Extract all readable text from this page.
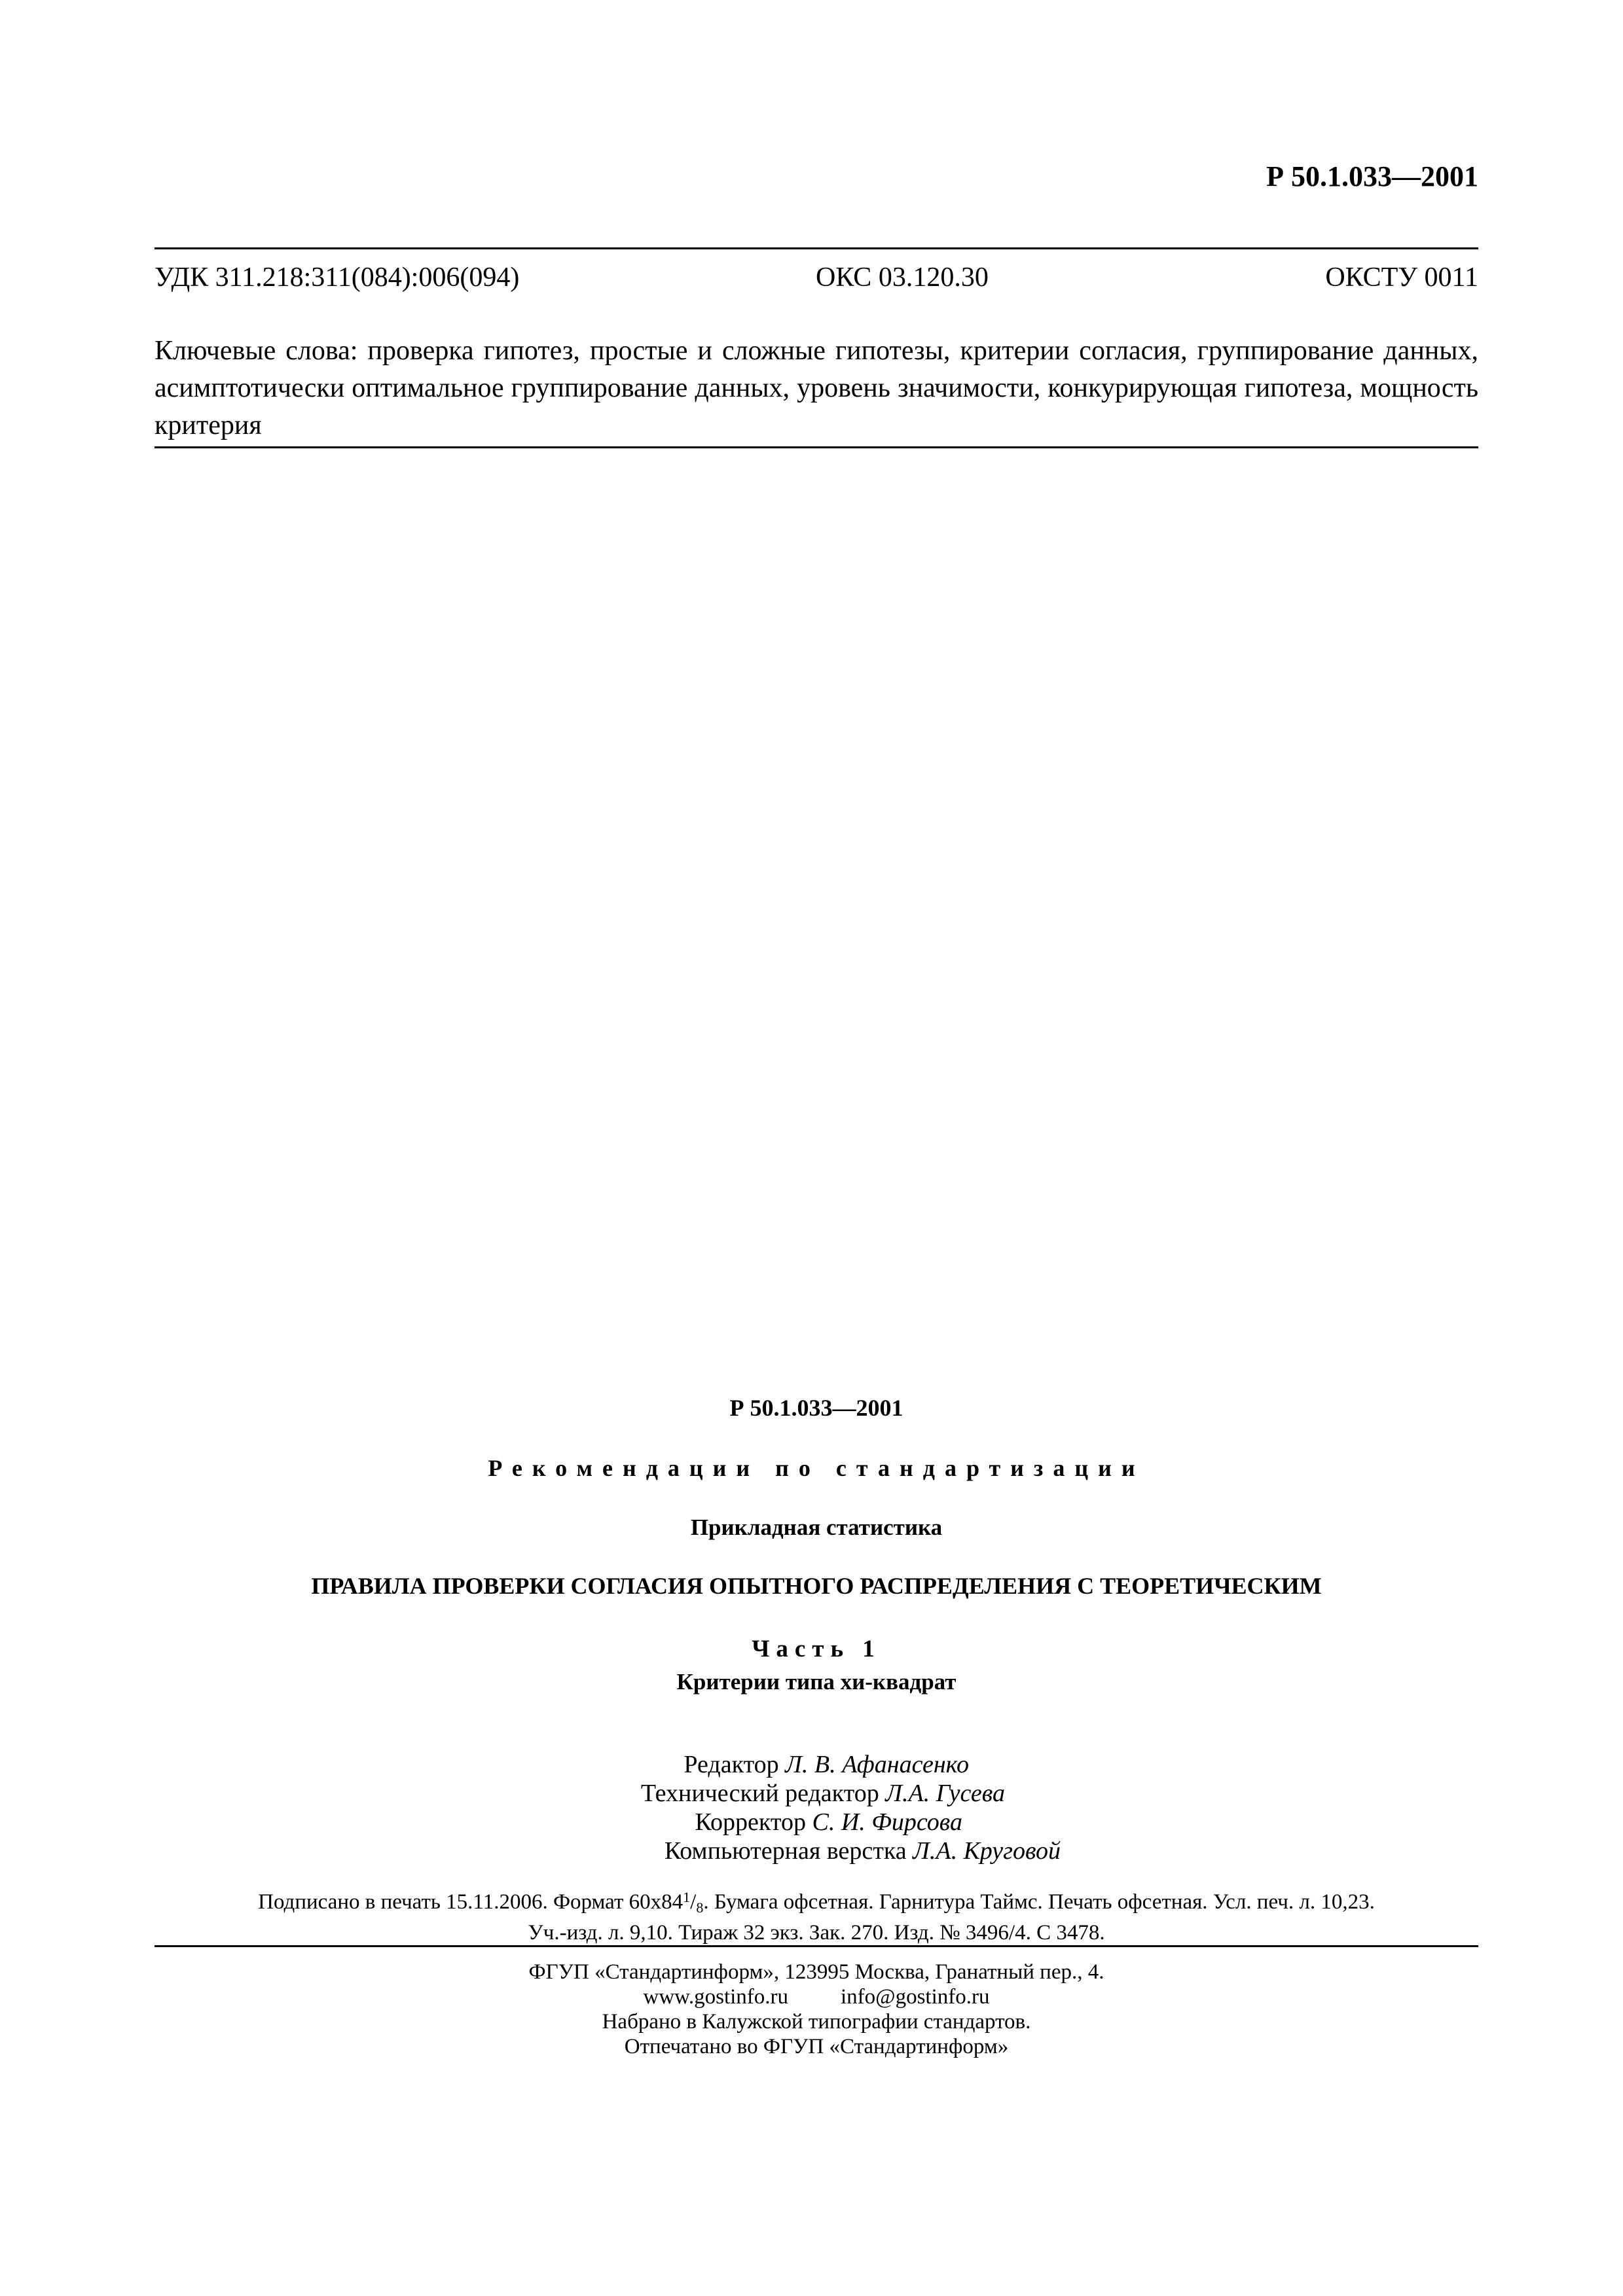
Р 50.1.033—2001
УДК 311.218:311(084):006(094)	ОКС 03.120.30	ОКСТУ 0011
Ключевые слова: проверка гипотез, простые и сложные гипотезы, критерии согласия, группирование данных, асимптотически оптимальное группирование данных, уровень значимости, конкурирующая гипотеза, мощность критерия
Р 50.1.033—2001
Рекомендации по стандартизации
Прикладная статистика
ПРАВИЛА ПРОВЕРКИ СОГЛАСИЯ ОПЫТНОГО РАСПРЕДЕЛЕНИЯ С ТЕОРЕТИЧЕСКИМ
Часть 1
Критерии типа хи-квадрат
Редактор Л. В. Афанасенко
Технический редактор Л.А. Гусева
Корректор С. И. Фирсова
Компьютерная верстка Л.А. Круговой
Подписано в печать 15.11.2006. Формат $60х84^1/_8$. Бумага офсетная. Гарнитура Таймс. Печать офсетная. Усл. печ. л. 10,23.
Уч.-изд. л. 9,10. Тираж 32 экз. Зак. 270. Изд. № 3496/4. С 3478.
ФГУП «Стандартинформ», 123995 Москва, Гранатный пер., 4.
www.gostinfo.ru info@gostinfo.ru
Набрано в Калужской типографии стандартов.
Отпечатано во ФГУП «Стандартинформ»
